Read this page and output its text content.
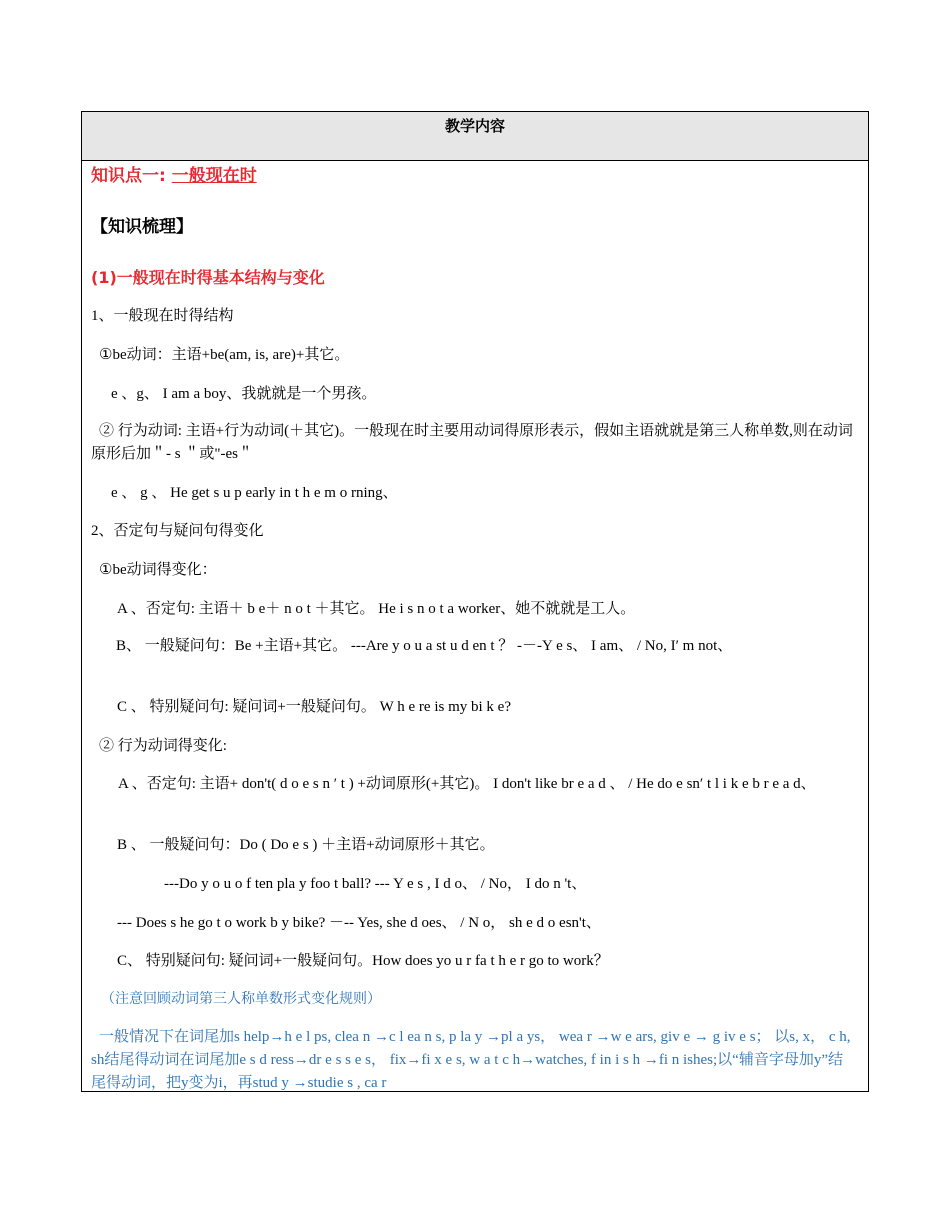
教学内容

知识点一: 一般现在时

【知识梳理】

(1)一般现在时得基本结构与变化

1、一般现在时得结构

①be动词：主语+be(am, is, are)+其它。

e 、g、 I am a boy、我就就是一个男孩。

② 行为动词: 主语+行为动词(＋其它)。一般现在时主要用动词得原形表示，假如主语就就是第三人称单数,则在动词原形后加＂- s ＂或"-es＂

e 、 g 、 He get s u p early in t h e m o rning、

2、否定句与疑问句得变化

①be动词得变化：

A 、否定句: 主语＋ b e＋ n o t ＋其它。 He i s n o t a worker、她不就就是工人。

B、 一般疑问句：Be +主语+其它。 ---Are y o u a st u d en t ？ -－-Y e s、 I am、 / No, I′ m not、

C 、 特别疑问句: 疑问词+一般疑问句。 W h e re is my bi k e?

② 行为动词得变化:

A 、否定句: 主语+ don't( d o e s n ′ t ) +动词原形(+其它)。 I don't like br e a d 、 / He do e sn′ t l i k e b r e a d、

B 、 一般疑问句：Do ( Do e s ) ＋主语+动词原形＋其它。

---Do y o u o f ten pla y foo t ball? --- Y e s , I d o、 / No， I do n 't、

--- Does s he go t o work b y bike? －-- Yes, she d oes、 / N o， sh e d o esn't、

C、 特别疑问句: 疑问词+一般疑问句。How does yo u r fa t h e r go to work？

（注意回顾动词第三人称单数形式变化规则）

一般情况下在词尾加s help→h e l ps, clea n →c l ea n s, p la y →pl a ys， wea r →w e ars, giv e → g iv e s； 以s, x， c h, sh结尾得动词在词尾加e s d ress→dr e s s e s， fix→fi x e s, w a t c h→watches, f in i s h →fi n ishes;以“辅音字母加y”结尾得动词，把y变为i，再stud y →studie s , ca r
